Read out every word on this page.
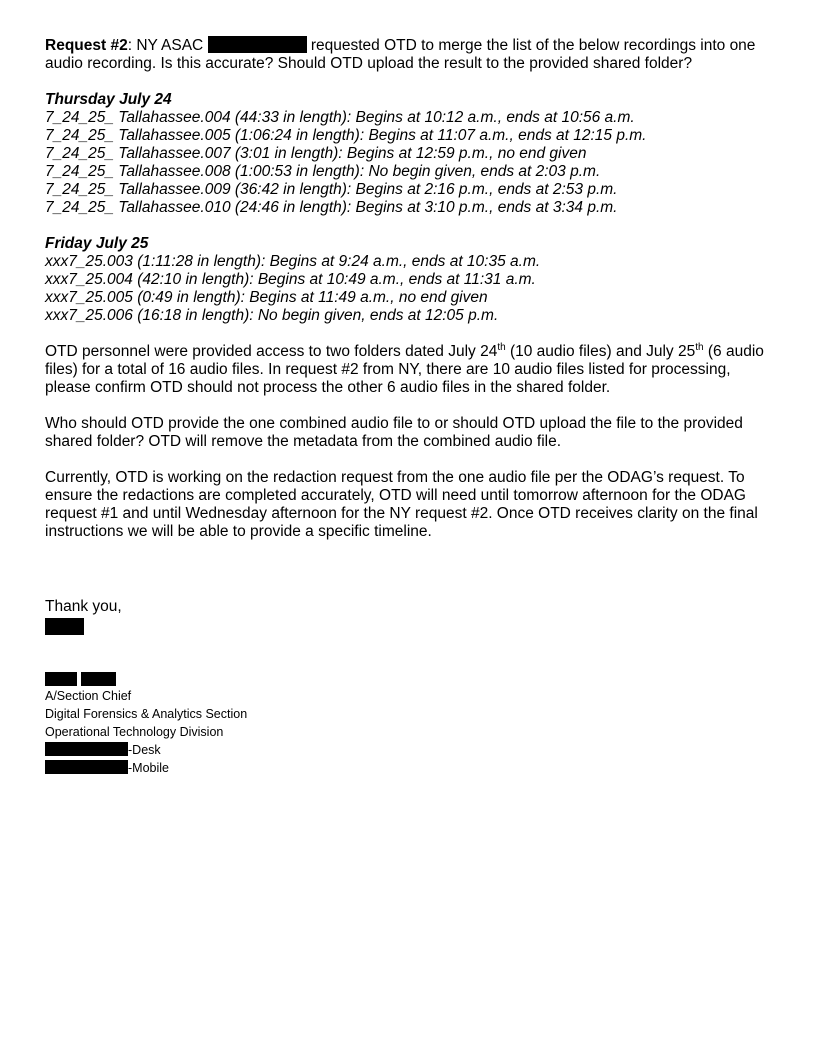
Request #2: NY ASAC	requested OTD to merge the list of the below recordings into one audio recording. Is this accurate? Should OTD upload the result to the provided shared folder?

Thursday July 24

7_24_25_ Tallahassee.004 (44:33 in length): Begins at 10:12 a.m., ends at 10:56 a.m.

7_24_25_ Tallahassee.005 (1:06:24 in length): Begins at 11:07 a.m., ends at 12:15 p.m.

7_24_25_ Tallahassee.007 (3:01 in length): Begins at 12:59 p.m., no end given

7_24_25_ Tallahassee.008 (1:00:53 in length): No begin given, ends at 2:03 p.m.

7_24_25_ Tallahassee.009 (36:42 in length): Begins at 2:16 p.m., ends at 2:53 p.m.

7_24_25_ Tallahassee.010 (24:46 in length): Begins at 3:10 p.m., ends at 3:34 p.m.

Friday July 25

xxx7_25.003 (1:11:28 in length): Begins at 9:24 a.m., ends at 10:35 a.m.

xxx7_25.004 (42:10 in length): Begins at 10:49 a.m., ends at 11:31 a.m.

xxx7_25.005 (0:49 in length): Begins at 11:49 a.m., no end given

xxx7_25.006 (16:18 in length): No begin given, ends at 12:05 p.m.

OTD personnel were provided access to two folders dated July 24th (10 audio files) and July 25th (6 audio files) for a total of 16 audio files. In request #2 from NY, there are 10 audio files listed for processing, please confirm OTD should not process the other 6 audio files in the shared folder.

Who should OTD provide the one combined audio file to or should OTD upload the file to the provided shared folder? OTD will remove the metadata from the combined audio file.

Currently, OTD is working on the redaction request from the one audio file per the ODAG’s request. To ensure the redactions are completed accurately, OTD will need until tomorrow afternoon for the ODAG request #1 and until Wednesday afternoon for the NY request #2. Once OTD receives clarity on the final instructions we will be able to provide a specific timeline.

Thank you,
A/Section Chief
Digital Forensics & Analytics Section
Operational Technology Division
-Desk
-Mobile
